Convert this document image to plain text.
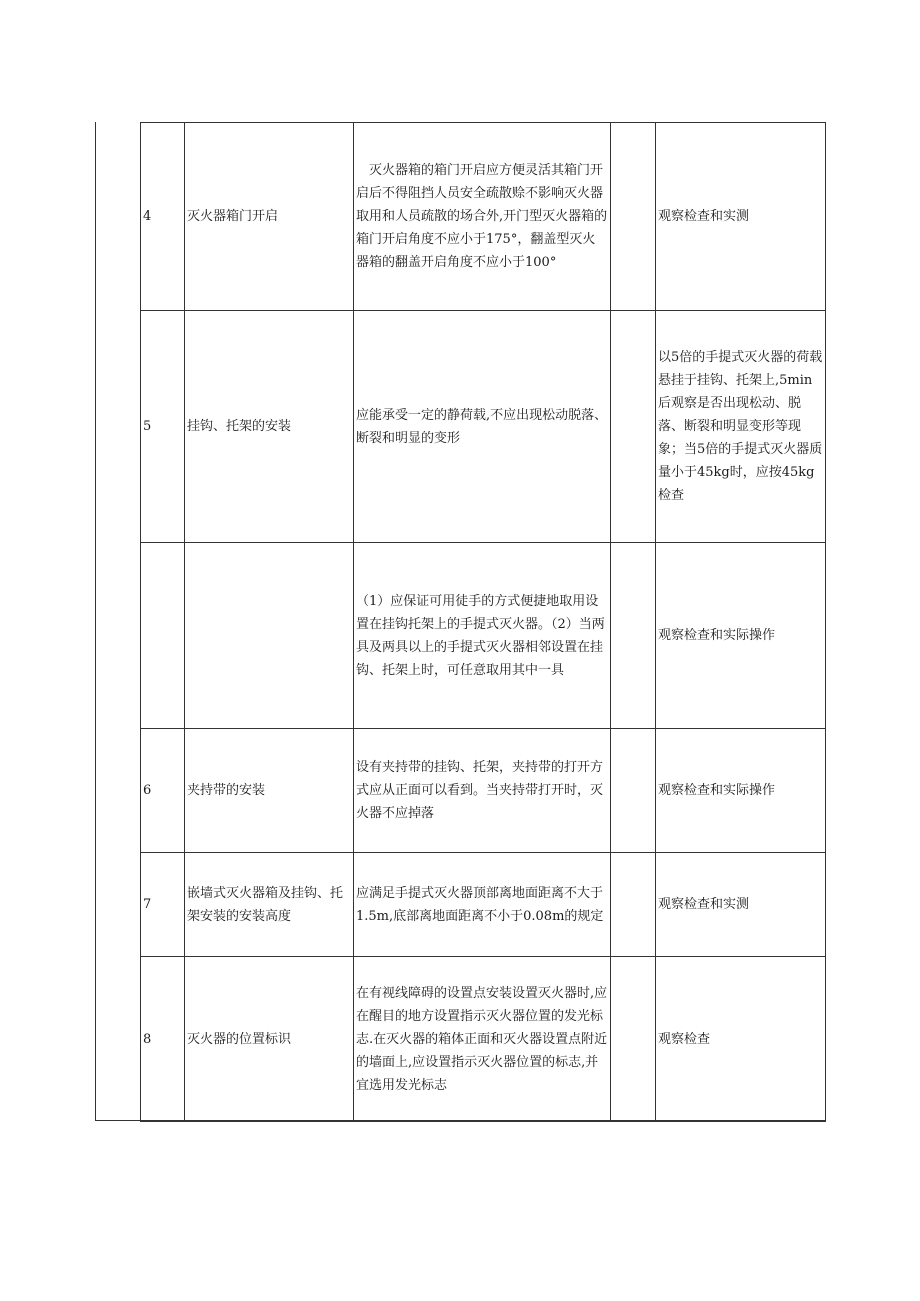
4	灭火器箱门开启	灭火器箱的箱门开启应方便灵活其箱门开启后不得阻挡人员安全疏散赊不影响灭火器取用和人员疏散的场合外,开门型灭火器箱的箱门开启角度不应小于175°，翻盖型灭火器箱的翻盖开启角度不应小于100°		观察检查和实测
5	挂钩、托架的安装	应能承受一定的静荷载,不应出现松动脱落、断裂和明显的变形		以5倍的手提式灭火器的荷载悬挂于挂钩、托架上,5min后观察是否出现松动、脱落、断裂和明显变形等现象；当5倍的手提式灭火器质量小于45kg时，应按45kg检查

		（1）应保证可用徒手的方式便捷地取用设置在挂钩托架上的手提式灭火器。（2）当两具及两具以上的手提式灭火器相邻设置在挂钩、托架上时，可任意取用其中一具		观察检查和实际操作
6	夹持带的安装	设有夹持带的挂钩、托架，夹持带的打开方式应从正面可以看到。当夹持带打开时，灭火器不应掉落		观察检查和实际操作
7	嵌墙式灭火器箱及挂钩、托架安装的安装高度	应满足手提式灭火器顶部离地面距离不大于1.5m,底部离地面距离不小于0.08m的规定		观察检查和实测
8	灭火器的位置标识	在有视线障碍的设置点安装设置灭火器时,应在醒目的地方设置指示灭火器位置的发光标志.在灭火器的箱体正面和灭火器设置点附近的墙面上,应设置指示灭火器位置的标志,并宜选用发光标志		观察检查
